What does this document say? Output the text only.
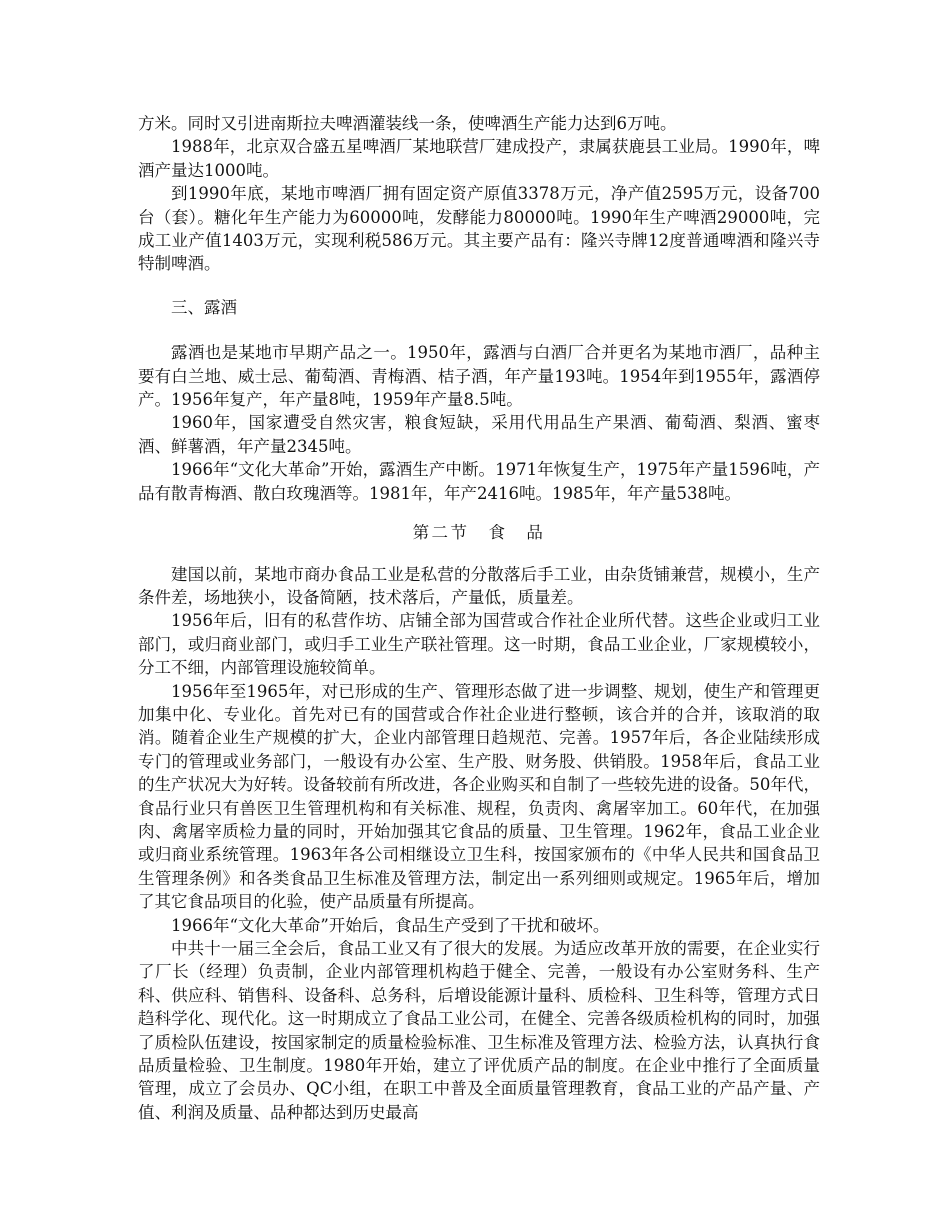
方米。同时又引进南斯拉夫啤酒灌装线一条，使啤酒生产能力达到6万吨。

1988年，北京双合盛五星啤酒厂某地联营厂建成投产，隶属获鹿县工业局。1990年，啤酒产量达1000吨。

到1990年底，某地市啤酒厂拥有固定资产原值3378万元，净产值2595万元，设备700台（套）。糖化年生产能力为60000吨，发酵能力80000吨。1990年生产啤酒29000吨，完成工业产值1403万元，实现利税586万元。其主要产品有：隆兴寺牌12度普通啤酒和隆兴寺特制啤酒。

三、露酒

露酒也是某地市早期产品之一。1950年，露酒与白酒厂合并更名为某地市酒厂，品种主要有白兰地、威士忌、葡萄酒、青梅酒、桔子酒，年产量193吨。1954年到1955年，露酒停产。1956年复产，年产量8吨，1959年产量8.5吨。

1960年，国家遭受自然灾害，粮食短缺，采用代用品生产果酒、葡萄酒、梨酒、蜜枣酒、鲜薯酒，年产量2345吨。

1966年“文化大革命”开始，露酒生产中断。1971年恢复生产，1975年产量1596吨，产品有散青梅酒、散白玫瑰酒等。1981年，年产2416吨。1985年，年产量538吨。

第二节　食　品

建国以前，某地市商办食品工业是私营的分散落后手工业，由杂货铺兼营，规模小，生产条件差，场地狭小，设备简陋，技术落后，产量低，质量差。

1956年后，旧有的私营作坊、店铺全部为国营或合作社企业所代替。这些企业或归工业部门，或归商业部门，或归手工业生产联社管理。这一时期，食品工业企业，厂家规模较小，分工不细，内部管理设施较简单。

1956年至1965年，对已形成的生产、管理形态做了进一步调整、规划，使生产和管理更加集中化、专业化。首先对已有的国营或合作社企业进行整顿，该合并的合并，该取消的取消。随着企业生产规模的扩大，企业内部管理日趋规范、完善。1957年后，各企业陆续形成专门的管理或业务部门，一般设有办公室、生产股、财务股、供销股。1958年后，食品工业的生产状况大为好转。设备较前有所改进，各企业购买和自制了一些较先进的设备。50年代，食品行业只有兽医卫生管理机构和有关标准、规程，负责肉、禽屠宰加工。60年代，在加强肉、禽屠宰质检力量的同时，开始加强其它食品的质量、卫生管理。1962年，食品工业企业或归商业系统管理。1963年各公司相继设立卫生科，按国家颁布的《中华人民共和国食品卫生管理条例》和各类食品卫生标准及管理方法，制定出一系列细则或规定。1965年后，增加了其它食品项目的化验，使产品质量有所提高。

1966年“文化大革命”开始后，食品生产受到了干扰和破坏。

中共十一届三全会后，食品工业又有了很大的发展。为适应改革开放的需要，在企业实行了厂长（经理）负责制，企业内部管理机构趋于健全、完善，一般设有办公室财务科、生产科、供应科、销售科、设备科、总务科，后增设能源计量科、质检科、卫生科等，管理方式日趋科学化、现代化。这一时期成立了食品工业公司，在健全、完善各级质检机构的同时，加强了质检队伍建设，按国家制定的质量检验标准、卫生标准及管理方法、检验方法，认真执行食品质量检验、卫生制度。1980年开始，建立了评优质产品的制度。在企业中推行了全面质量管理，成立了会员办、QC小组，在职工中普及全面质量管理教育，食品工业的产品产量、产值、利润及质量、品种都达到历史最高
